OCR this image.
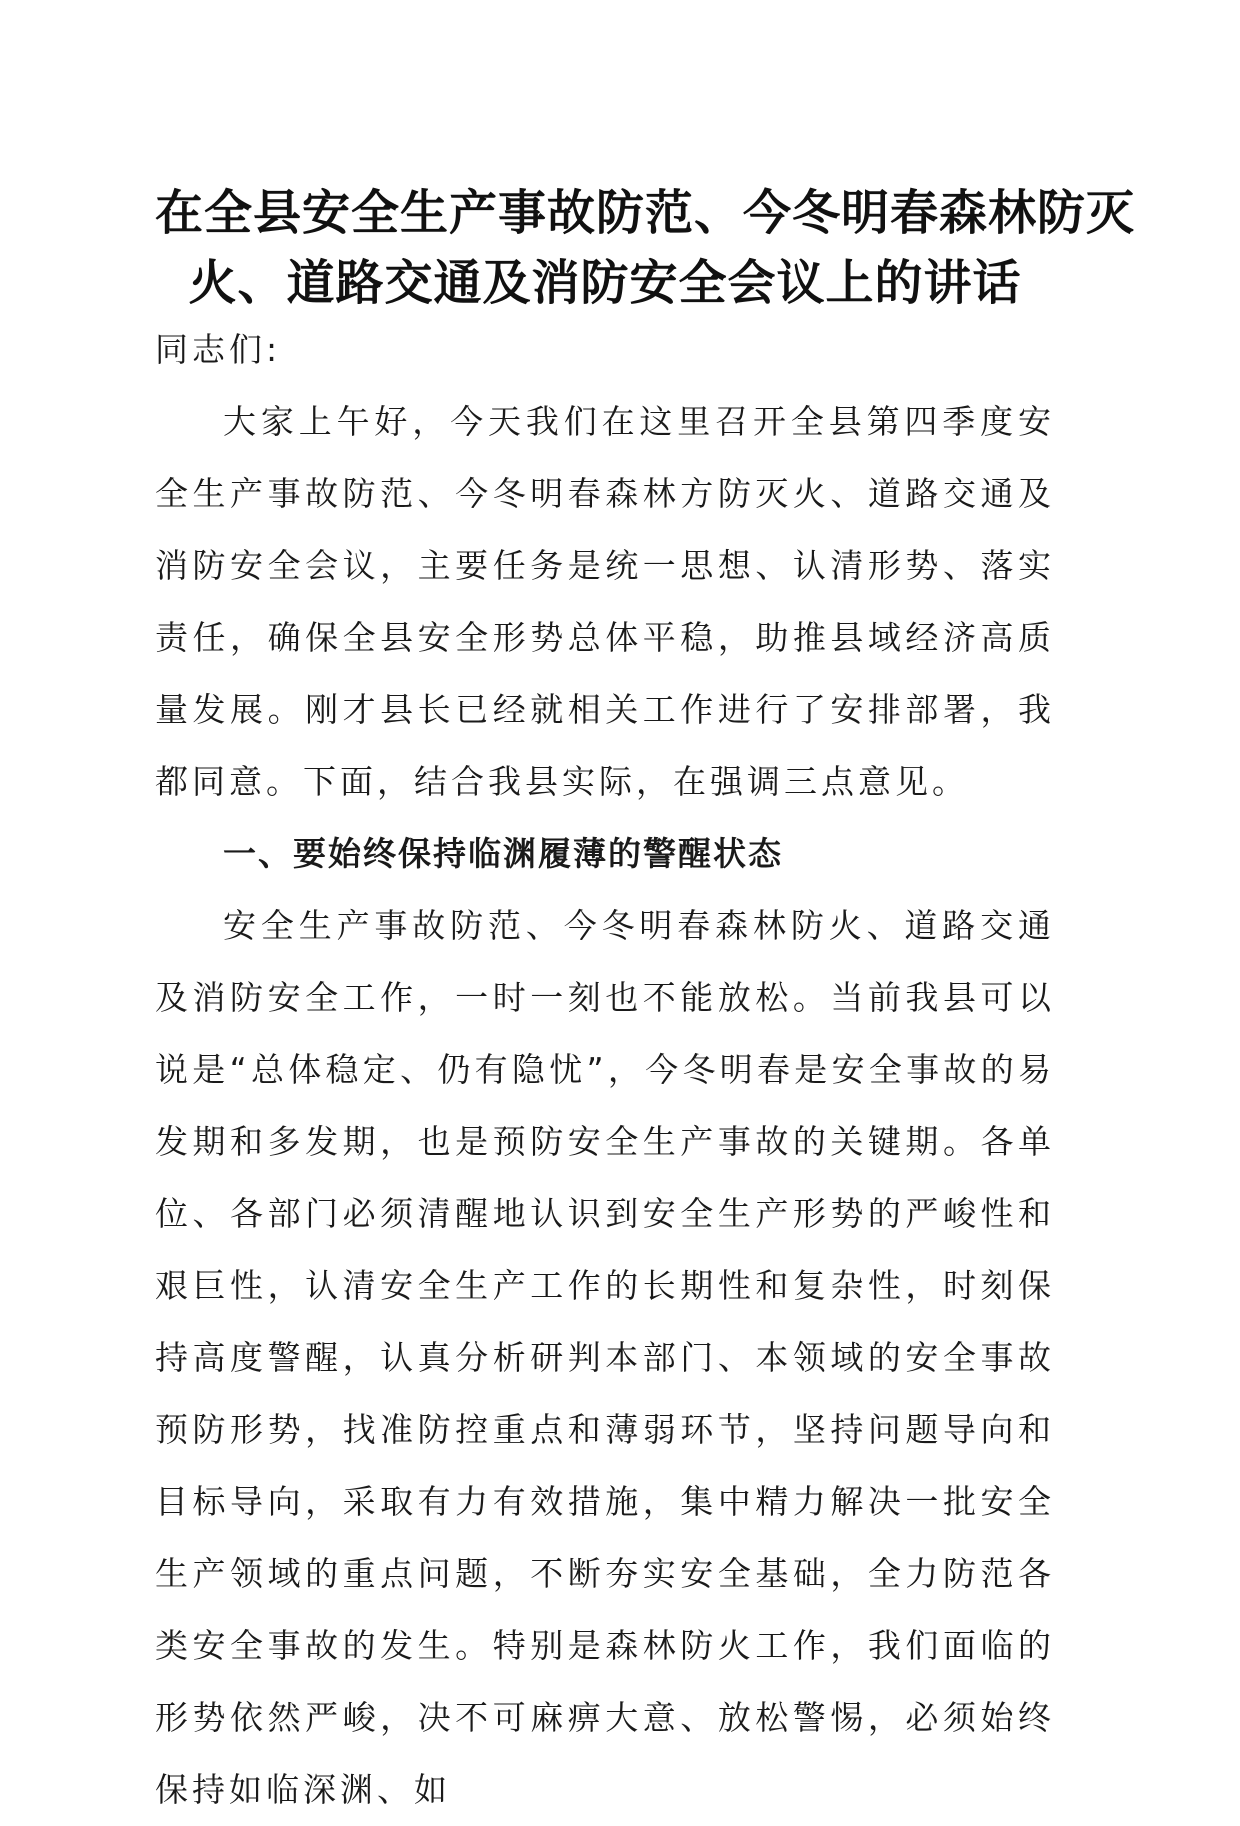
在全县安全生产事故防范、今冬明春森林防灭
火、道路交通及消防安全会议上的讲话

同志们:

大家上午好，今天我们在这里召开全县第四季度安全生产事故防范、今冬明春森林方防灭火、道路交通及消防安全会议，主要任务是统一思想、认清形势、落实责任，确保全县安全形势总体平稳，助推县域经济高质量发展。刚才县长已经就相关工作进行了安排部署，我都同意。下面，结合我县实际，在强调三点意见。

一、要始终保持临渊履薄的警醒状态

安全生产事故防范、今冬明春森林防火、道路交通及消防安全工作，一时一刻也不能放松。当前我县可以说是“总体稳定、仍有隐忧”，今冬明春是安全事故的易发期和多发期，也是预防安全生产事故的关键期。各单位、各部门必须清醒地认识到安全生产形势的严峻性和艰巨性，认清安全生产工作的长期性和复杂性，时刻保持高度警醒，认真分析研判本部门、本领域的安全事故预防形势，找准防控重点和薄弱环节，坚持问题导向和目标导向，采取有力有效措施，集中精力解决一批安全生产领域的重点问题，不断夯实安全基础，全力防范各类安全事故的发生。特别是森林防火工作，我们面临的形势依然严峻，决不可麻痹大意、放松警惕，必须始终保持如临深渊、如
